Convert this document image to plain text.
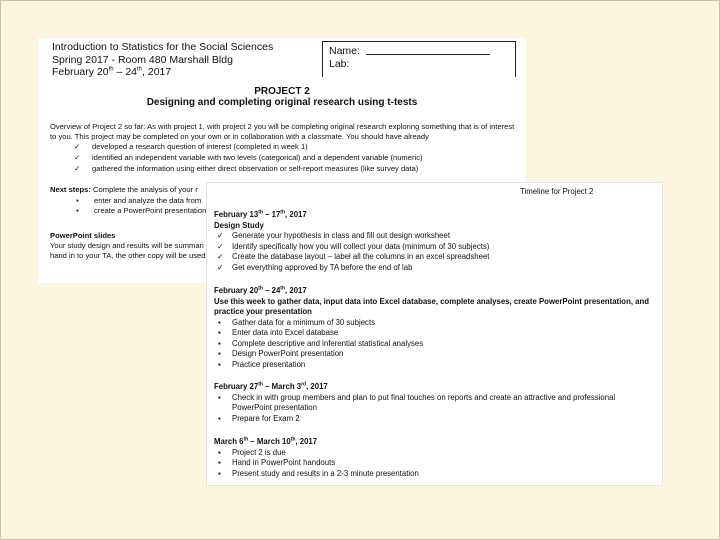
Introduction to Statistics for the Social Sciences
Spring 2017 - Room 480 Marshall Bldg
February 20th – 24th, 2017
Name:
Lab:
PROJECT 2
Designing and completing original research using t-tests
Overview of Project 2 so far: As with project 1, with project 2 you will be completing original research exploring something that is of interest to you. This project may be completed on your own or in collaboration with a classmate. You should have already
✓ developed a research question of interest (completed in week 1)
✓ identified an independent variable with two levels (categorical) and a dependent variable (numeric)
✓ gathered the information using either direct observation or self-report measures (like survey data)
Next steps: Complete the analysis of your r
▪ enter and analyze the data from
▪ create a PowerPoint presentation
PowerPoint slides
Your study design and results will be summari
hand in to your TA, the other copy will be used
Timeline for Project 2
February 13th – 17th, 2017
Design Study
✓ Generate your hypothesis in class and fill out design worksheet
✓ Identify specifically how you will collect your data (minimum of 30 subjects)
✓ Create the database layout – label all the columns in an excel spreadsheet
✓ Get everything approved by TA before the end of lab
February 20th – 24th, 2017
Use this week to gather data, input data into Excel database, complete analyses, create PowerPoint presentation, and practice your presentation
▪ Gather data for a minimum of 30 subjects
▪ Enter data into Excel database
▪ Complete descriptive and inferential statistical analyses
▪ Design PowerPoint presentation
▪ Practice presentation
February 27th – March 3rd, 2017
▪ Check in with group members and plan to put final touches on reports and create an attractive and professional PowerPoint presentation
▪ Prepare for Exam 2
March 6th – March 10th, 2017
▪ Project 2 is due
▪ Hand in PowerPoint handouts
▪ Present study and results in a 2-3 minute presentation
